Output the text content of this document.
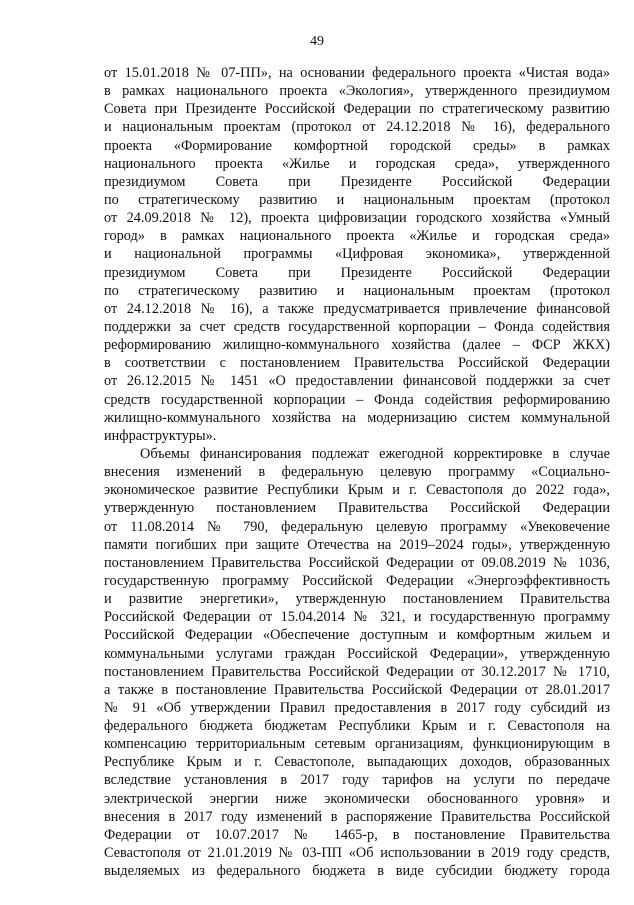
49
от 15.01.2018 № 07-ПП», на основании федерального проекта «Чистая вода»
в рамках национального проекта «Экология», утвержденного президиумом
Совета при Президенте Российской Федерации по стратегическому развитию
и национальным проектам (протокол от 24.12.2018 № 16), федерального
проекта «Формирование комфортной городской среды» в рамках
национального проекта «Жилье и городская среда», утвержденного
президиумом Совета при Президенте Российской Федерации
по стратегическому развитию и национальным проектам (протокол
от 24.09.2018 № 12), проекта цифровизации городского хозяйства «Умный
город» в рамках национального проекта «Жилье и городская среда»
и национальной программы «Цифровая экономика», утвержденной
президиумом Совета при Президенте Российской Федерации
по стратегическому развитию и национальным проектам (протокол
от 24.12.2018 № 16), а также предусматривается привлечение финансовой
поддержки за счет средств государственной корпорации – Фонда содействия
реформированию жилищно-коммунального хозяйства (далее – ФСР ЖКХ)
в соответствии с постановлением Правительства Российской Федерации
от 26.12.2015 № 1451 «О предоставлении финансовой поддержки за счет
средств государственной корпорации – Фонда содействия реформированию
жилищно-коммунального хозяйства на модернизацию систем коммунальной
инфраструктуры».
Объемы финансирования подлежат ежегодной корректировке в случае
внесения изменений в федеральную целевую программу «Социально-
экономическое развитие Республики Крым и г. Севастополя до 2022 года»,
утвержденную постановлением Правительства Российской Федерации
от 11.08.2014 № 790, федеральную целевую программу «Увековечение
памяти погибших при защите Отечества на 2019–2024 годы», утвержденную
постановлением Правительства Российской Федерации от 09.08.2019 № 1036,
государственную программу Российской Федерации «Энергоэффективность
и развитие энергетики», утвержденную постановлением Правительства
Российской Федерации от 15.04.2014 № 321, и государственную программу
Российской Федерации «Обеспечение доступным и комфортным жильем и
коммунальными услугами граждан Российской Федерации», утвержденную
постановлением Правительства Российской Федерации от 30.12.2017 № 1710,
а также в постановление Правительства Российской Федерации от 28.01.2017
№ 91 «Об утверждении Правил предоставления в 2017 году субсидий из
федерального бюджета бюджетам Республики Крым и г. Севастополя на
компенсацию территориальным сетевым организациям, функционирующим в
Республике Крым и г. Севастополе, выпадающих доходов, образованных
вследствие установления в 2017 году тарифов на услуги по передаче
электрической энергии ниже экономически обоснованного уровня» и
внесения в 2017 году изменений в распоряжение Правительства Российской
Федерации от 10.07.2017 № 1465-р, в постановление Правительства
Севастополя от 21.01.2019 № 03-ПП «Об использовании в 2019 году средств,
выделяемых из федерального бюджета в виде субсидии бюджету города
